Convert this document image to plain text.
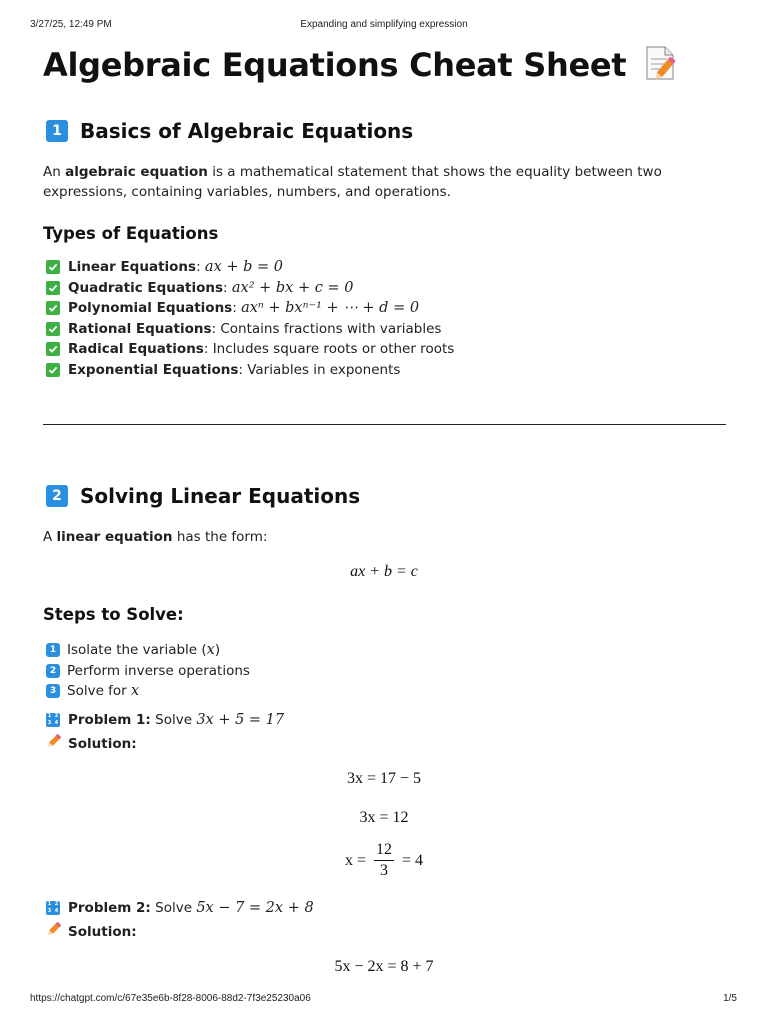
3/27/25, 12:49 PM	Expanding and simplifying expression
Algebraic Equations Cheat Sheet
1 Basics of Algebraic Equations

An algebraic equation is a mathematical statement that shows the equality between two expressions, containing variables, numbers, and operations.

Types of Equations
Linear Equations : ax + b = 0
Quadratic Equations : ax² + bx + c = 0
Polynomial Equations : axⁿ + bxⁿ⁻¹ + ⋯ + d = 0
Rational Equations : Contains fractions with variables
Radical Equations : Includes square roots or other roots
Exponential Equations : Variables in exponents
2 Solving Linear Equations

A linear equation has the form:

ax + b = c
Steps to Solve:
1 Isolate the variable ( x )
2 Perform inverse operations
3 Solve for x
1 2
3 4 Problem 1: Solve 3x + 5 = 17
Solution:
3x = 17 − 5
3x = 12
$x = \frac{12}{3} = 4$
1 2
3 4 Problem 2: Solve 5x − 7 = 2x + 8
Solution:
5x − 2x = 8 + 7
https://chatgpt.com/c/67e35e6b-8f28-8006-88d2-7f3e25230a06	1/5
